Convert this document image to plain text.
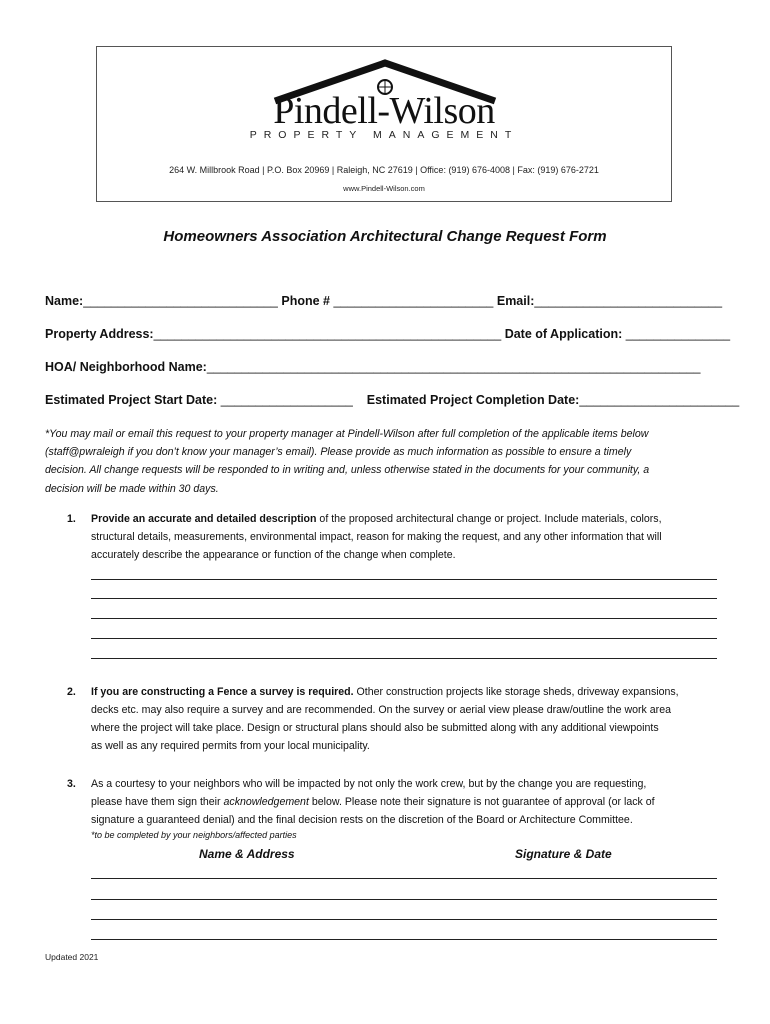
Pindell-Wilson
PROPERTY MANAGEMENT
264 W. Millbrook Road | P.O. Box 20969 | Raleigh, NC 27619 | Office: (919) 676-4008 | Fax: (919) 676-2721
www.Pindell-Wilson.com
Homeowners Association Architectural Change Request Form
Name:____________________________ Phone # _______________________ Email:___________________________
Property Address:__________________________________________________ Date of Application: _______________
HOA/ Neighborhood Name:_______________________________________________________________________
Estimated Project Start Date: ___________________ Estimated Project Completion Date:_______________________
*You may mail or email this request to your property manager at Pindell-Wilson after full completion of the applicable items below
(staff@pwraleigh if you don’t know your manager’s email). Please provide as much information as possible to ensure a timely
decision. All change requests will be responded to in writing and, unless otherwise stated in the documents for your community, a
decision will be made within 30 days.
1. Provide an accurate and detailed description of the proposed architectural change or project. Include materials, colors,
structural details, measurements, environmental impact, reason for making the request, and any other information that will
accurately describe the appearance or function of the change when complete.
2. If you are constructing a Fence a survey is required. Other construction projects like storage sheds, driveway expansions,
decks etc. may also require a survey and are recommended. On the survey or aerial view please draw/outline the work area
where the project will take place. Design or structural plans should also be submitted along with any additional viewpoints
as well as any required permits from your local municipality.
3. As a courtesy to your neighbors who will be impacted by not only the work crew, but by the change you are requesting,
please have them sign their acknowledgement below. Please note their signature is not guarantee of approval (or lack of
signature a guaranteed denial) and the final decision rests on the discretion of the Board or Architecture Committee.
*to be completed by your neighbors/affected parties
Name & Address	Signature & Date
Updated 2021
